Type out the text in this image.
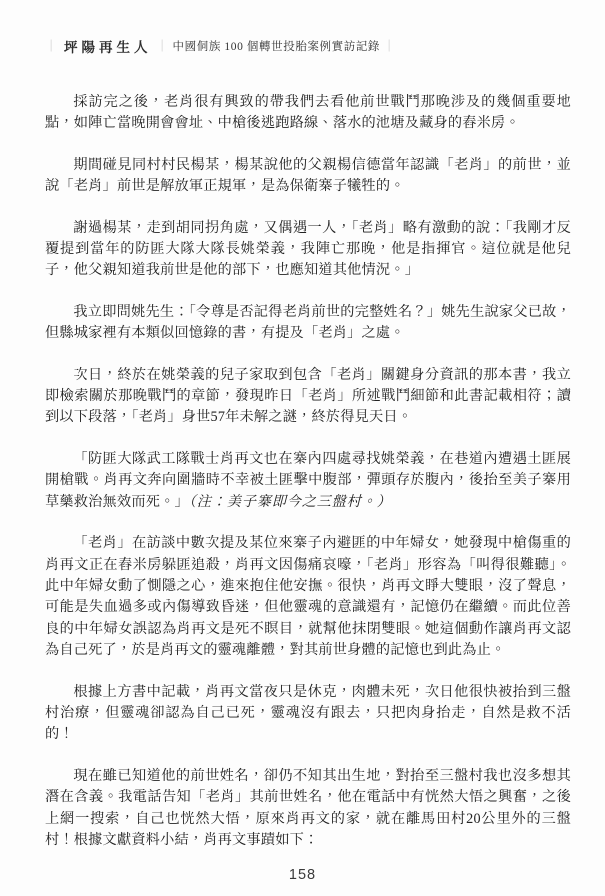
｜ 坪陽再生人 ｜ 中國侗族 100 個轉世投胎案例實訪記錄 ｜

採訪完之後，老肖很有興致的帶我們去看他前世戰鬥那晚涉及的幾個重要地點，如陣亡當晚開會會址、中槍後逃跑路線、落水的池塘及藏身的舂米房。

期間碰見同村村民楊某，楊某說他的父親楊信德當年認識「老肖」的前世，並說「老肖」前世是解放軍正規軍，是為保衛寨子犧牲的。

謝過楊某，走到胡同拐角處，又偶遇一人，「老肖」略有激動的說：「我剛才反覆提到當年的防匪大隊大隊長姚榮義，我陣亡那晚，他是指揮官。這位就是他兒子，他父親知道我前世是他的部下，也應知道其他情況。」

我立即問姚先生：「令尊是否記得老肖前世的完整姓名？」姚先生說家父已故，但縣城家裡有本類似回憶錄的書，有提及「老肖」之處。

次日，終於在姚榮義的兒子家取到包含「老肖」關鍵身分資訊的那本書，我立即檢索關於那晚戰鬥的章節，發現昨日「老肖」所述戰鬥細節和此書記載相符；讀到以下段落，「老肖」身世57年未解之謎，終於得見天日。

「防匪大隊武工隊戰士肖再文也在寨內四處尋找姚榮義，在巷道內遭遇土匪展開槍戰。肖再文奔向圍牆時不幸被土匪擊中腹部，彈頭存於腹內，後抬至美子寨用草藥救治無效而死。」（注：美子寨即今之三盤村。）

「老肖」在訪談中數次提及某位來寨子內避匪的中年婦女，她發現中槍傷重的肖再文正在舂米房躲匪追殺，肖再文因傷痛哀嚎，「老肖」形容為「叫得很難聽」。此中年婦女動了惻隱之心，進來抱住他安撫。很快，肖再文睜大雙眼，沒了聲息，可能是失血過多或內傷導致昏迷，但他靈魂的意識還有，記憶仍在繼續。而此位善良的中年婦女誤認為肖再文是死不瞑目，就幫他抹閉雙眼。她這個動作讓肖再文認為自己死了，於是肖再文的靈魂離體，對其前世身體的記憶也到此為止。

根據上方書中記載，肖再文當夜只是休克，肉體未死，次日他很快被抬到三盤村治療，但靈魂卻認為自己已死，靈魂沒有跟去，只把肉身抬走，自然是救不活的！

現在雖已知道他的前世姓名，卻仍不知其出生地，對抬至三盤村我也沒多想其潛在含義。我電話告知「老肖」其前世姓名，他在電話中有恍然大悟之興奮，之後上網一搜索，自己也恍然大悟，原來肖再文的家，就在離馬田村20公里外的三盤村！根據文獻資料小結，肖再文事蹟如下：

158
